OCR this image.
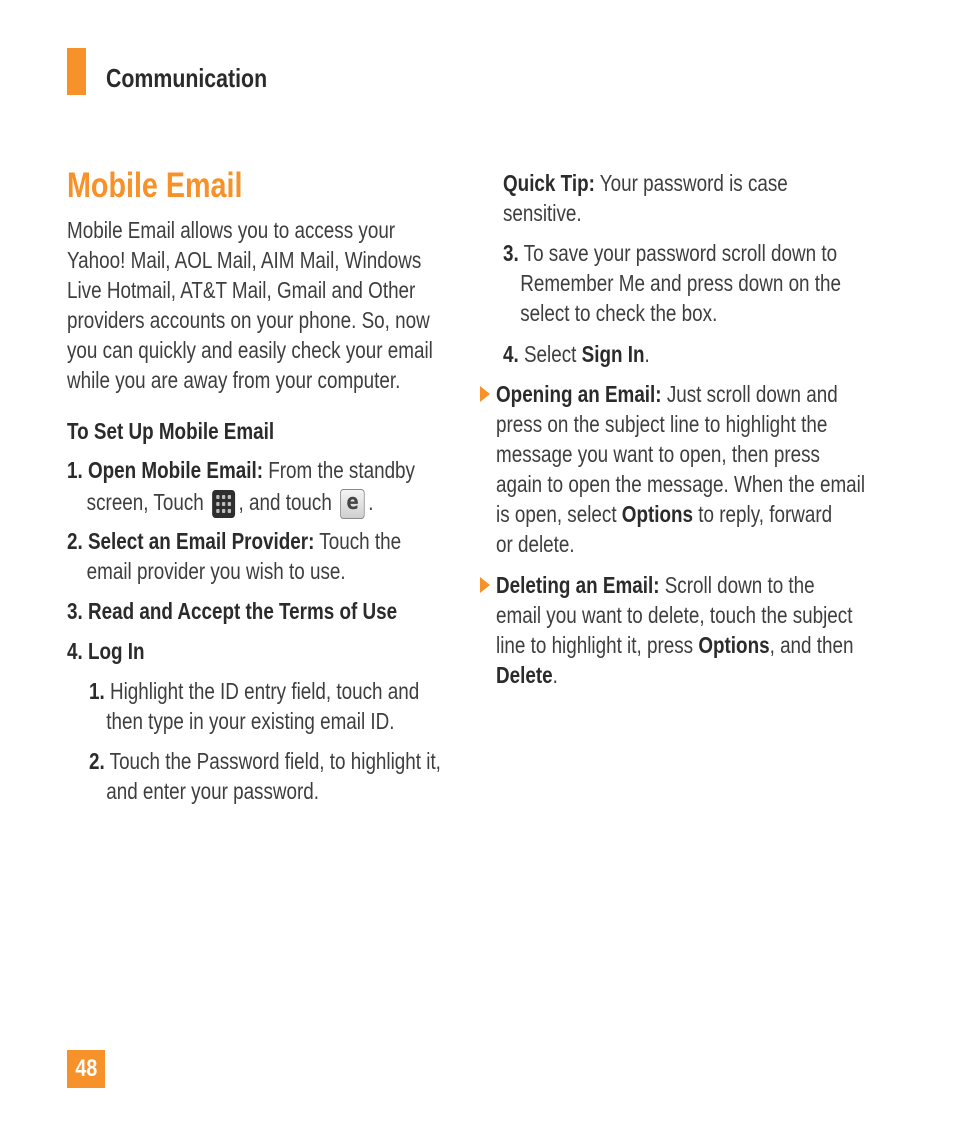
Communication
Mobile Email
Mobile Email allows you to access your
Yahoo! Mail, AOL Mail, AIM Mail, Windows
Live Hotmail, AT&T Mail, Gmail and Other
providers accounts on your phone. So, now
you can quickly and easily check your email
while you are away from your computer.
To Set Up Mobile Email
1. Open Mobile Email: From the standby
screen, Touch , and touch e .
2. Select an Email Provider: Touch the
email provider you wish to use.
3. Read and Accept the Terms of Use
4. Log In
1. Highlight the ID entry field, touch and
then type in your existing email ID.
2. Touch the Password field, to highlight it,
and enter your password.
Quick Tip: Your password is case
sensitive.
3. To save your password scroll down to
Remember Me and press down on the
select to check the box.
4. Select Sign In.
Opening an Email: Just scroll down and
press on the subject line to highlight the
message you want to open, then press
again to open the message. When the email
is open, select Options to reply, forward
or delete.
Deleting an Email: Scroll down to the
email you want to delete, touch the subject
line to highlight it, press Options, and then
Delete.
48
